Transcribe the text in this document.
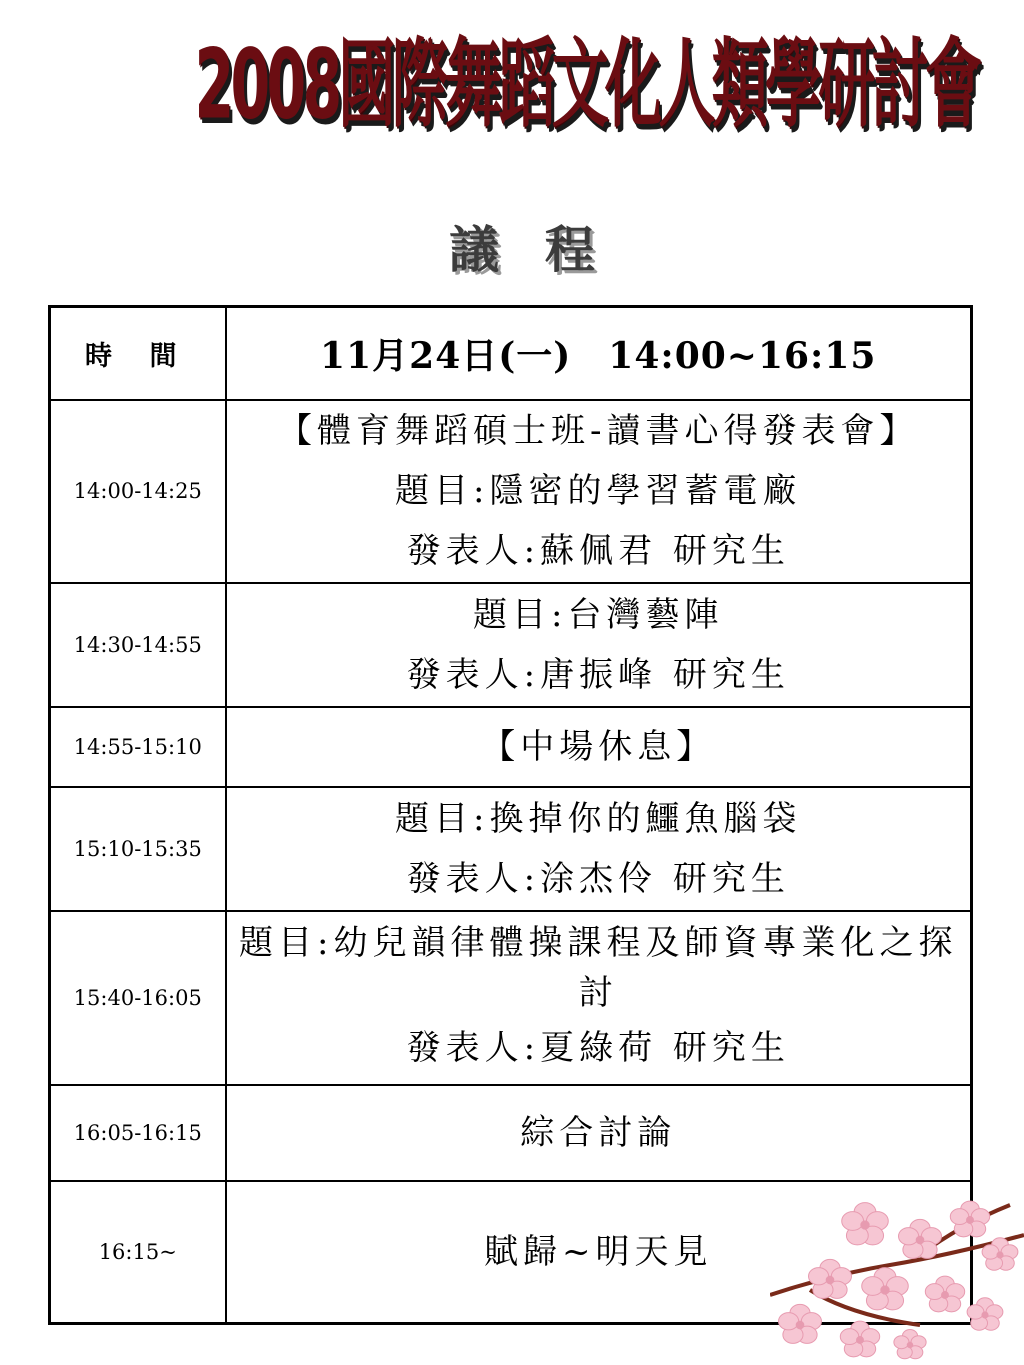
2008國際舞蹈文化人類學研討會
議 程
時 間	11月24日(一)　14:00~16:15
14:00-14:25	【體育舞蹈碩士班-讀書心得發表會】
題目:隱密的學習蓄電廠
發表人:蘇佩君 研究生

14:30-14:55	題目:台灣藝陣
發表人:唐振峰 研究生

14:55-15:10	【中場休息】

15:10-15:35	題目:換掉你的鱷魚腦袋
發表人:涂杰伶 研究生

15:40-16:05	題目:幼兒韻律體操課程及師資專業化之探討
發表人:夏綠荷 研究生

16:05-16:15	綜合討論

16:15~	賦歸~明天見
